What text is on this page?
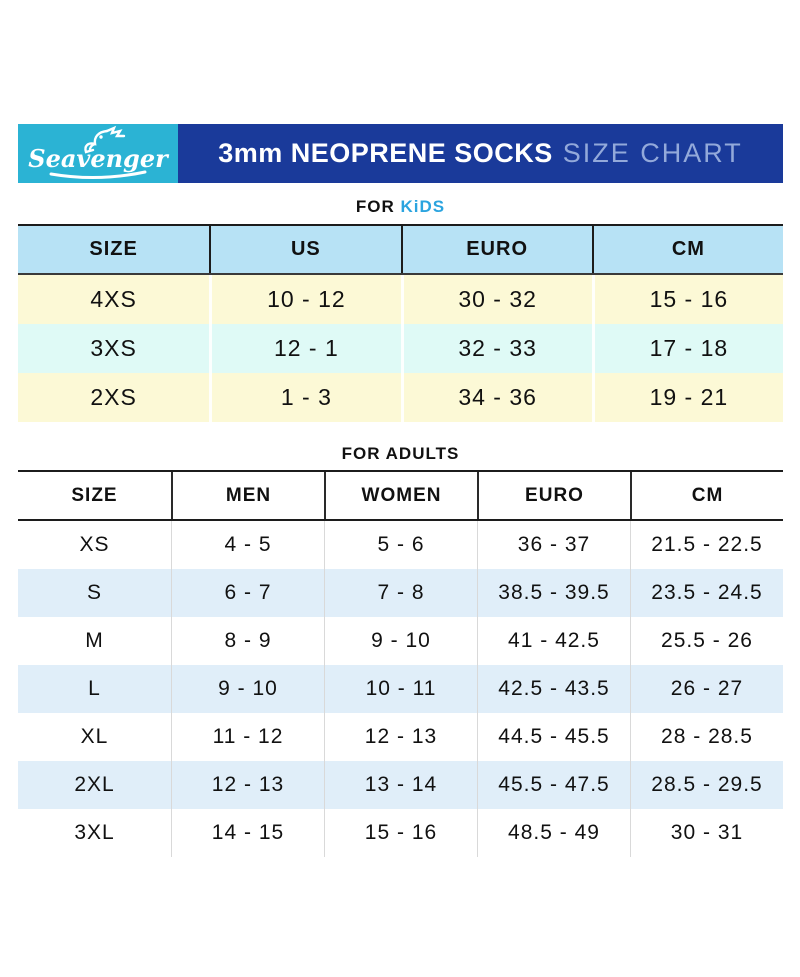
Seavenger 3mm NEOPRENE SOCKS SIZE CHART
FOR KiDS
SIZE	US	EURO	CM
4XS	10 - 12	30 - 32	15 - 16
3XS	12 - 1	32 - 33	17 - 18
2XS	1 - 3	34 - 36	19 - 21
FOR ADULTS
SIZE	MEN	WOMEN	EURO	CM
XS	4 - 5	5 - 6	36 - 37	21.5 - 22.5
S	6 - 7	7 - 8	38.5 - 39.5	23.5 - 24.5
M	8 - 9	9 - 10	41 - 42.5	25.5 - 26
L	9 - 10	10 - 11	42.5 - 43.5	26 - 27
XL	11 - 12	12 - 13	44.5 - 45.5	28 - 28.5
2XL	12 - 13	13 - 14	45.5 - 47.5	28.5 - 29.5
3XL	14 - 15	15 - 16	48.5 - 49	30 - 31
